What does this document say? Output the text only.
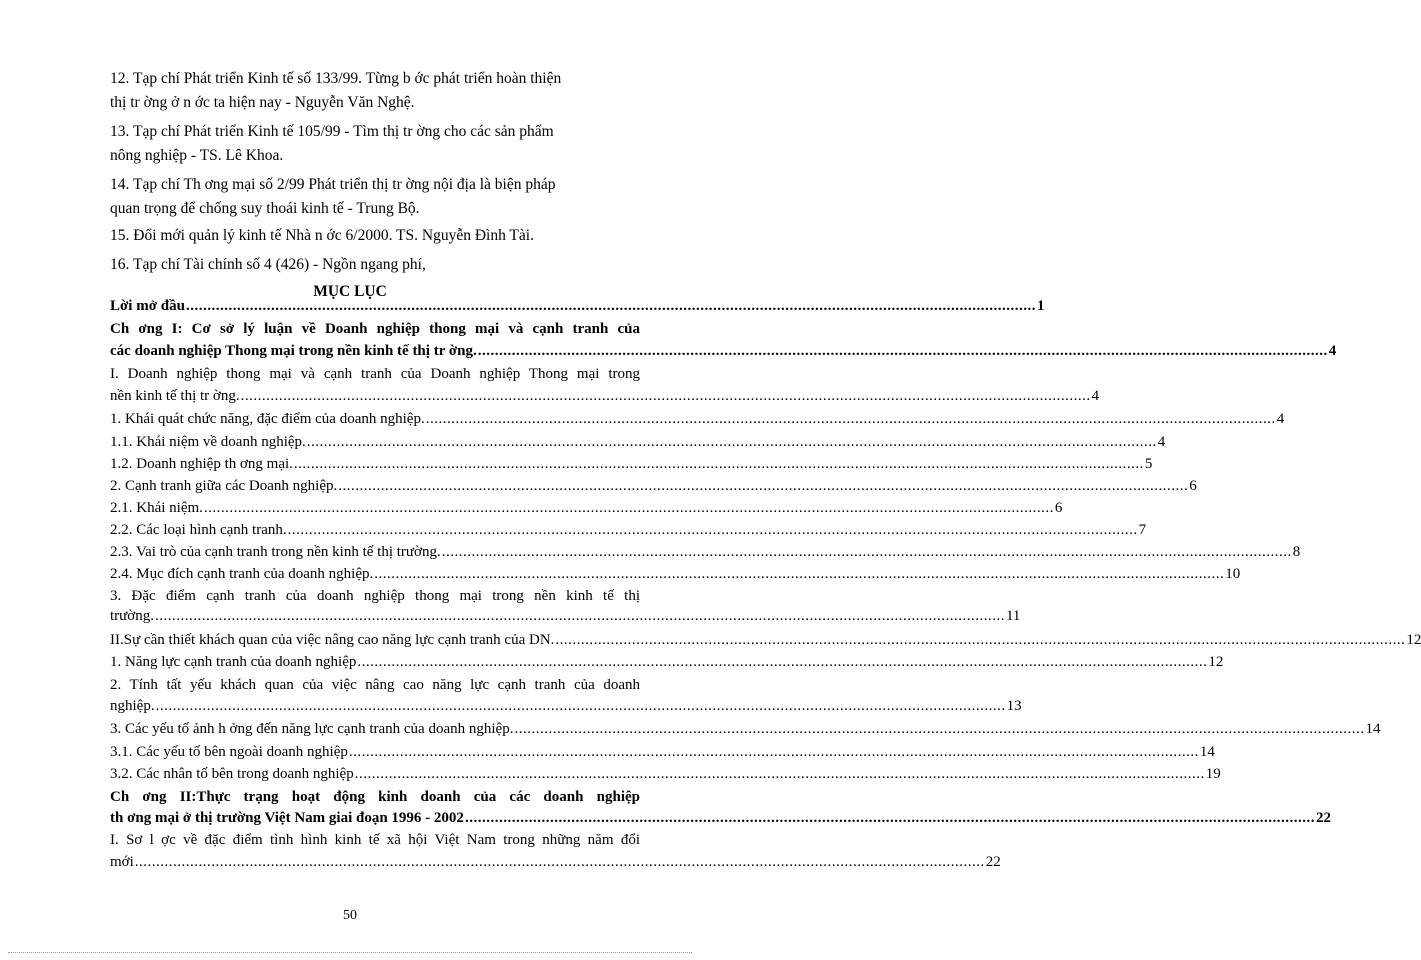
12. Tạp chí Phát triển Kinh tế số 133/99. Từng b ớc phát triển hoàn thiện
thị tr ờng ở n ớc ta hiện nay - Nguyễn Văn Nghệ.
13. Tạp chí Phát triển Kinh tế 105/99 - Tìm thị tr ờng cho các sản phẩm
nông nghiệp - TS. Lê Khoa.
14. Tạp chí Th ơng mại số 2/99 Phát triển thị tr ờng nội địa là biện pháp
quan trọng để chống suy thoái kinh tế - Trung Bộ.
15. Đổi mới quản lý kinh tế Nhà n ớc 6/2000. TS. Nguyễn Đình Tài.
16. Tạp chí Tài chính số 4 (426) - Ngồn ngang phí,
MỤC LỤC
Lời mở đầu ........................................................................................................................................................................................................ 1
Ch ơng I: Cơ sở lý luận về Doanh nghiệp thong mại và cạnh tranh của
các doanh nghiệp Thong mại trong nền kinh tế thị tr ờng. ........................................................................................................................................................................................................ 4
I. Doanh nghiệp thong mại và cạnh tranh của Doanh nghiệp Thong mại trong
nền kinh tế thị tr ờng. ........................................................................................................................................................................................................ 4
1. Khái quát chức năng, đặc điểm của doanh nghiệp. ........................................................................................................................................................................................................ 4
1.1. Khái niệm về doanh nghiệp. ........................................................................................................................................................................................................ 4
1.2. Doanh nghiệp th ơng mại. ........................................................................................................................................................................................................ 5
2. Cạnh tranh giữa các Doanh nghiệp. ........................................................................................................................................................................................................ 6
2.1. Khái niệm. ........................................................................................................................................................................................................ 6
2.2. Các loại hình cạnh tranh. ........................................................................................................................................................................................................ 7
2.3. Vai trò của cạnh tranh trong nền kinh tế thị trường. ........................................................................................................................................................................................................ 8
2.4. Mục đích cạnh tranh của doanh nghiệp. ........................................................................................................................................................................................................ 10
3. Đặc điểm cạnh tranh của doanh nghiệp thong mại trong nền kinh tế thị
trường. ........................................................................................................................................................................................................ 11
II.Sự cần thiết khách quan của việc nâng cao năng lực cạnh tranh của DN. ........................................................................................................................................................................................................ 12
1. Năng lực cạnh tranh của doanh nghiệp ........................................................................................................................................................................................................ 12
2. Tính tất yếu khách quan của việc nâng cao năng lực cạnh tranh của doanh
nghiệp. ........................................................................................................................................................................................................ 13
3. Các yếu tố ảnh h ởng đến năng lực cạnh tranh của doanh nghiệp. ........................................................................................................................................................................................................ 14
3.1. Các yếu tố bên ngoài doanh nghiệp ........................................................................................................................................................................................................ 14
3.2. Các nhân tố bên trong doanh nghiệp ........................................................................................................................................................................................................ 19
Ch ơng II:Thực trạng hoạt động kinh doanh của các doanh nghiệp
th ơng mại ở thị trường Việt Nam giai đoạn 1996 - 2002 ........................................................................................................................................................................................................ 22
I. Sơ l ợc về đặc điểm tình hình kinh tế xã hội Việt Nam trong những năm đổi
mới ........................................................................................................................................................................................................ 22
50
